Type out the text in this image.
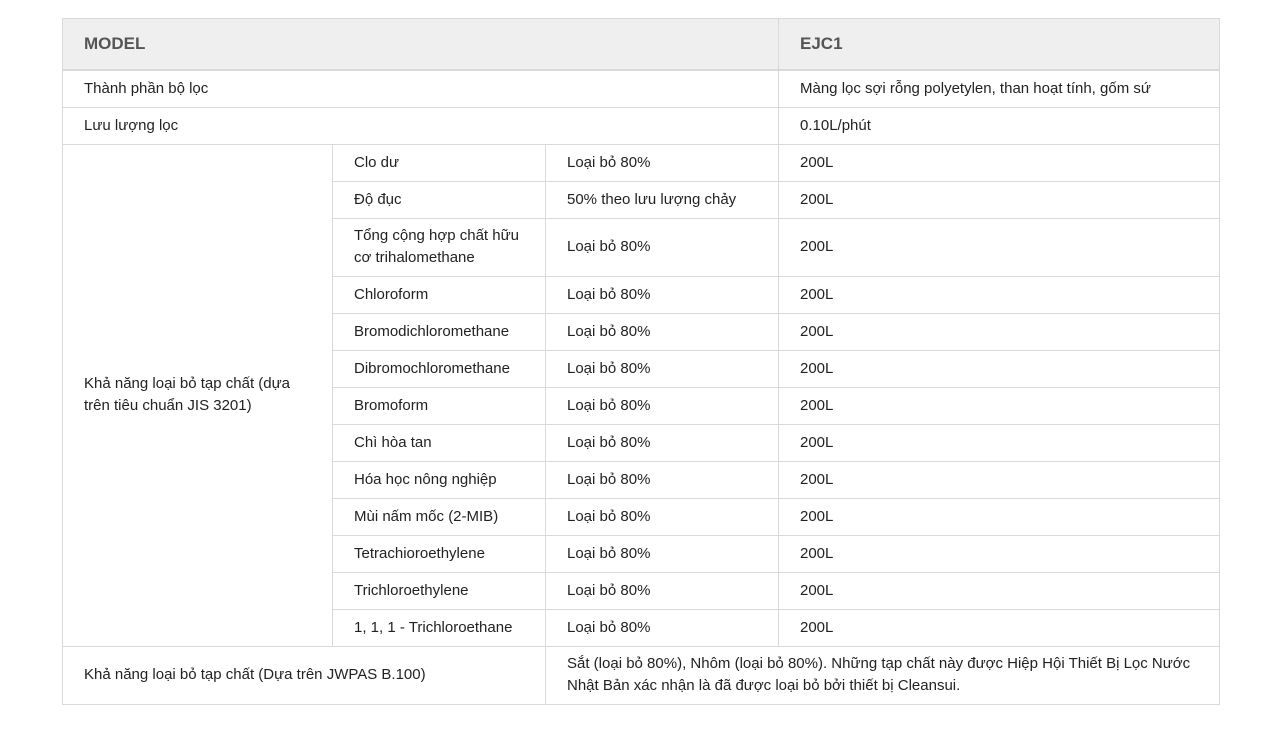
MODEL			EJC1
Thành phần bộ lọc			Màng lọc sợi rỗng polyetylen, than hoạt tính, gốm sứ
Lưu lượng lọc			0.10L/phút
Khả năng loại bỏ tạp chất (dựa trên tiêu chuẩn JIS 3201)	Clo dư	Loại bỏ 80%	200L
	Độ đục	50% theo lưu lượng chảy	200L
	Tổng cộng hợp chất hữu cơ trihalomethane	Loại bỏ 80%	200L
	Chloroform	Loại bỏ 80%	200L
	Bromodichloromethane	Loại bỏ 80%	200L
	Dibromochloromethane	Loại bỏ 80%	200L
	Bromoform	Loại bỏ 80%	200L
	Chì hòa tan	Loại bỏ 80%	200L
	Hóa học nông nghiệp	Loại bỏ 80%	200L
	Mùi nấm mốc (2-MIB)	Loại bỏ 80%	200L
	Tetrachioroethylene	Loại bỏ 80%	200L
	Trichloroethylene	Loại bỏ 80%	200L
	1, 1, 1 - Trichloroethane	Loại bỏ 80%	200L
Khả năng loại bỏ tạp chất (Dựa trên JWPAS B.100)		Sắt (loại bỏ 80%), Nhôm (loại bỏ 80%). Những tạp chất này được Hiệp Hội Thiết Bị Lọc Nước Nhật Bản xác nhận là đã được loại bỏ bởi thiết bị Cleansui.	
